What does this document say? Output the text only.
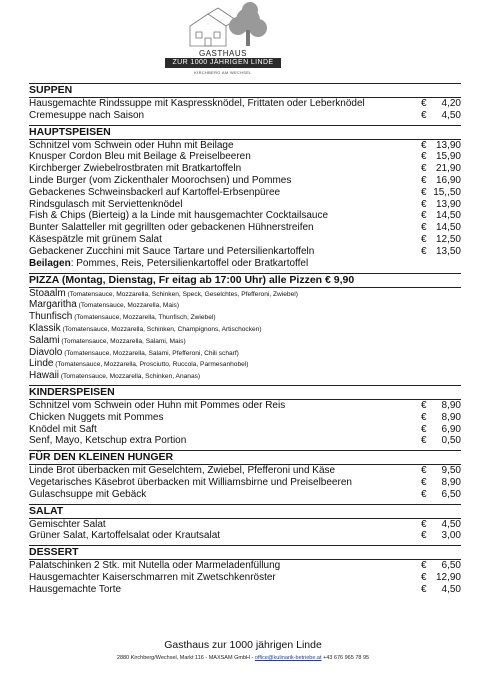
GASTHAUS
ZUR 1000 JÄHRIGEN LINDE
KIRCHBERG AM WECHSEL
SUPPEN
Hausgemachte Rindssuppe mit Kaspressknödel, Frittaten oder Leberknödel	€ 4,20
Cremesuppe nach Saison	€ 4,50
HAUPTSPEISEN
Schnitzel vom Schwein oder Huhn mit Beilage	€ 13,90
Knusper Cordon Bleu mit Beilage & Preiselbeeren	€ 15,90
Kirchberger Zwiebelrostbraten mit Bratkartoffeln	€ 21,90
Linde Burger (vom Zickenthaler Moorochsen) und Pommes	€ 16,90
Gebackenes Schweinsbackerl auf Kartoffel-Erbsenpüree	€ 15,,50
Rindsgulasch mit Serviettenknödel	€ 13,90
Fish & Chips (Bierteig) a la Linde mit hausgemachter Cocktailsauce	€ 14,50
Bunter Salatteller mit gegrillten oder gebackenen Hühnerstreifen	€ 14,50
Käsespätzle mit grünem Salat	€ 12,50
Gebackener Zucchini mit Sauce Tartare und Petersilienkartoffeln	€ 13,50
Beilagen: Pommes, Reis, Petersilienkartoffel oder Bratkartoffel
PIZZA (Montag, Dienstag, Fr eitag ab 17:00 Uhr) alle Pizzen € 9,90
Stoaalm (Tomatensauce, Mozzarella, Schinken, Speck, Geselchtes, Pfefferoni, Zwiebel)
Margaritha (Tomatensauce, Mozzarella, Mais)
Thunfisch (Tomatensauce, Mozzarella, Thunfisch, Zwiebel)
Klassik (Tomatensauce, Mozzarella, Schinken, Champignons, Artischocken)
Salami (Tomatensauce, Mozzarella, Salami, Mais)
Diavolo (Tomatensauce, Mozzarella, Salami, Pfefferoni, Chili scharf)
Linde (Tomatensauce, Mozzarella, Prosciutto, Ruccola, Parmesanhobel)
Hawaii (Tomatensauce, Mozzarella, Schinken, Ananas)
KINDERSPEISEN
Schnitzel vom Schwein oder Huhn mit Pommes oder Reis	€ 8,90
Chicken Nuggets mit Pommes	€ 8,90
Knödel mit Saft	€ 6,90
Senf, Mayo, Ketschup extra Portion	€ 0,50
FÜR DEN KLEINEN HUNGER
Linde Brot überbacken mit Geselchtem, Zwiebel, Pfefferoni und Käse	€ 9,50
Vegetarisches Käsebrot überbacken mit Williamsbirne und Preiselbeeren	€ 8,90
Gulaschsuppe mit Gebäck	€ 6,50
SALAT
Gemischter Salat	€ 4,50
Grüner Salat, Kartoffelsalat oder Krautsalat	€ 3,00
DESSERT
Palatschinken 2 Stk. mit Nutella oder Marmeladenfüllung	€ 6,50
Hausgemachter Kaiserschmarren mit Zwetschkenröster	€ 12,90
Hausgemachte Torte	€ 4,50
Gasthaus zur 1000 jährigen Linde
2880 Kirchberg/Wechsel, Markt 116 - MAXSAM GmbH - office@kulinarik-betriebe.at +43 676 965 78 95
